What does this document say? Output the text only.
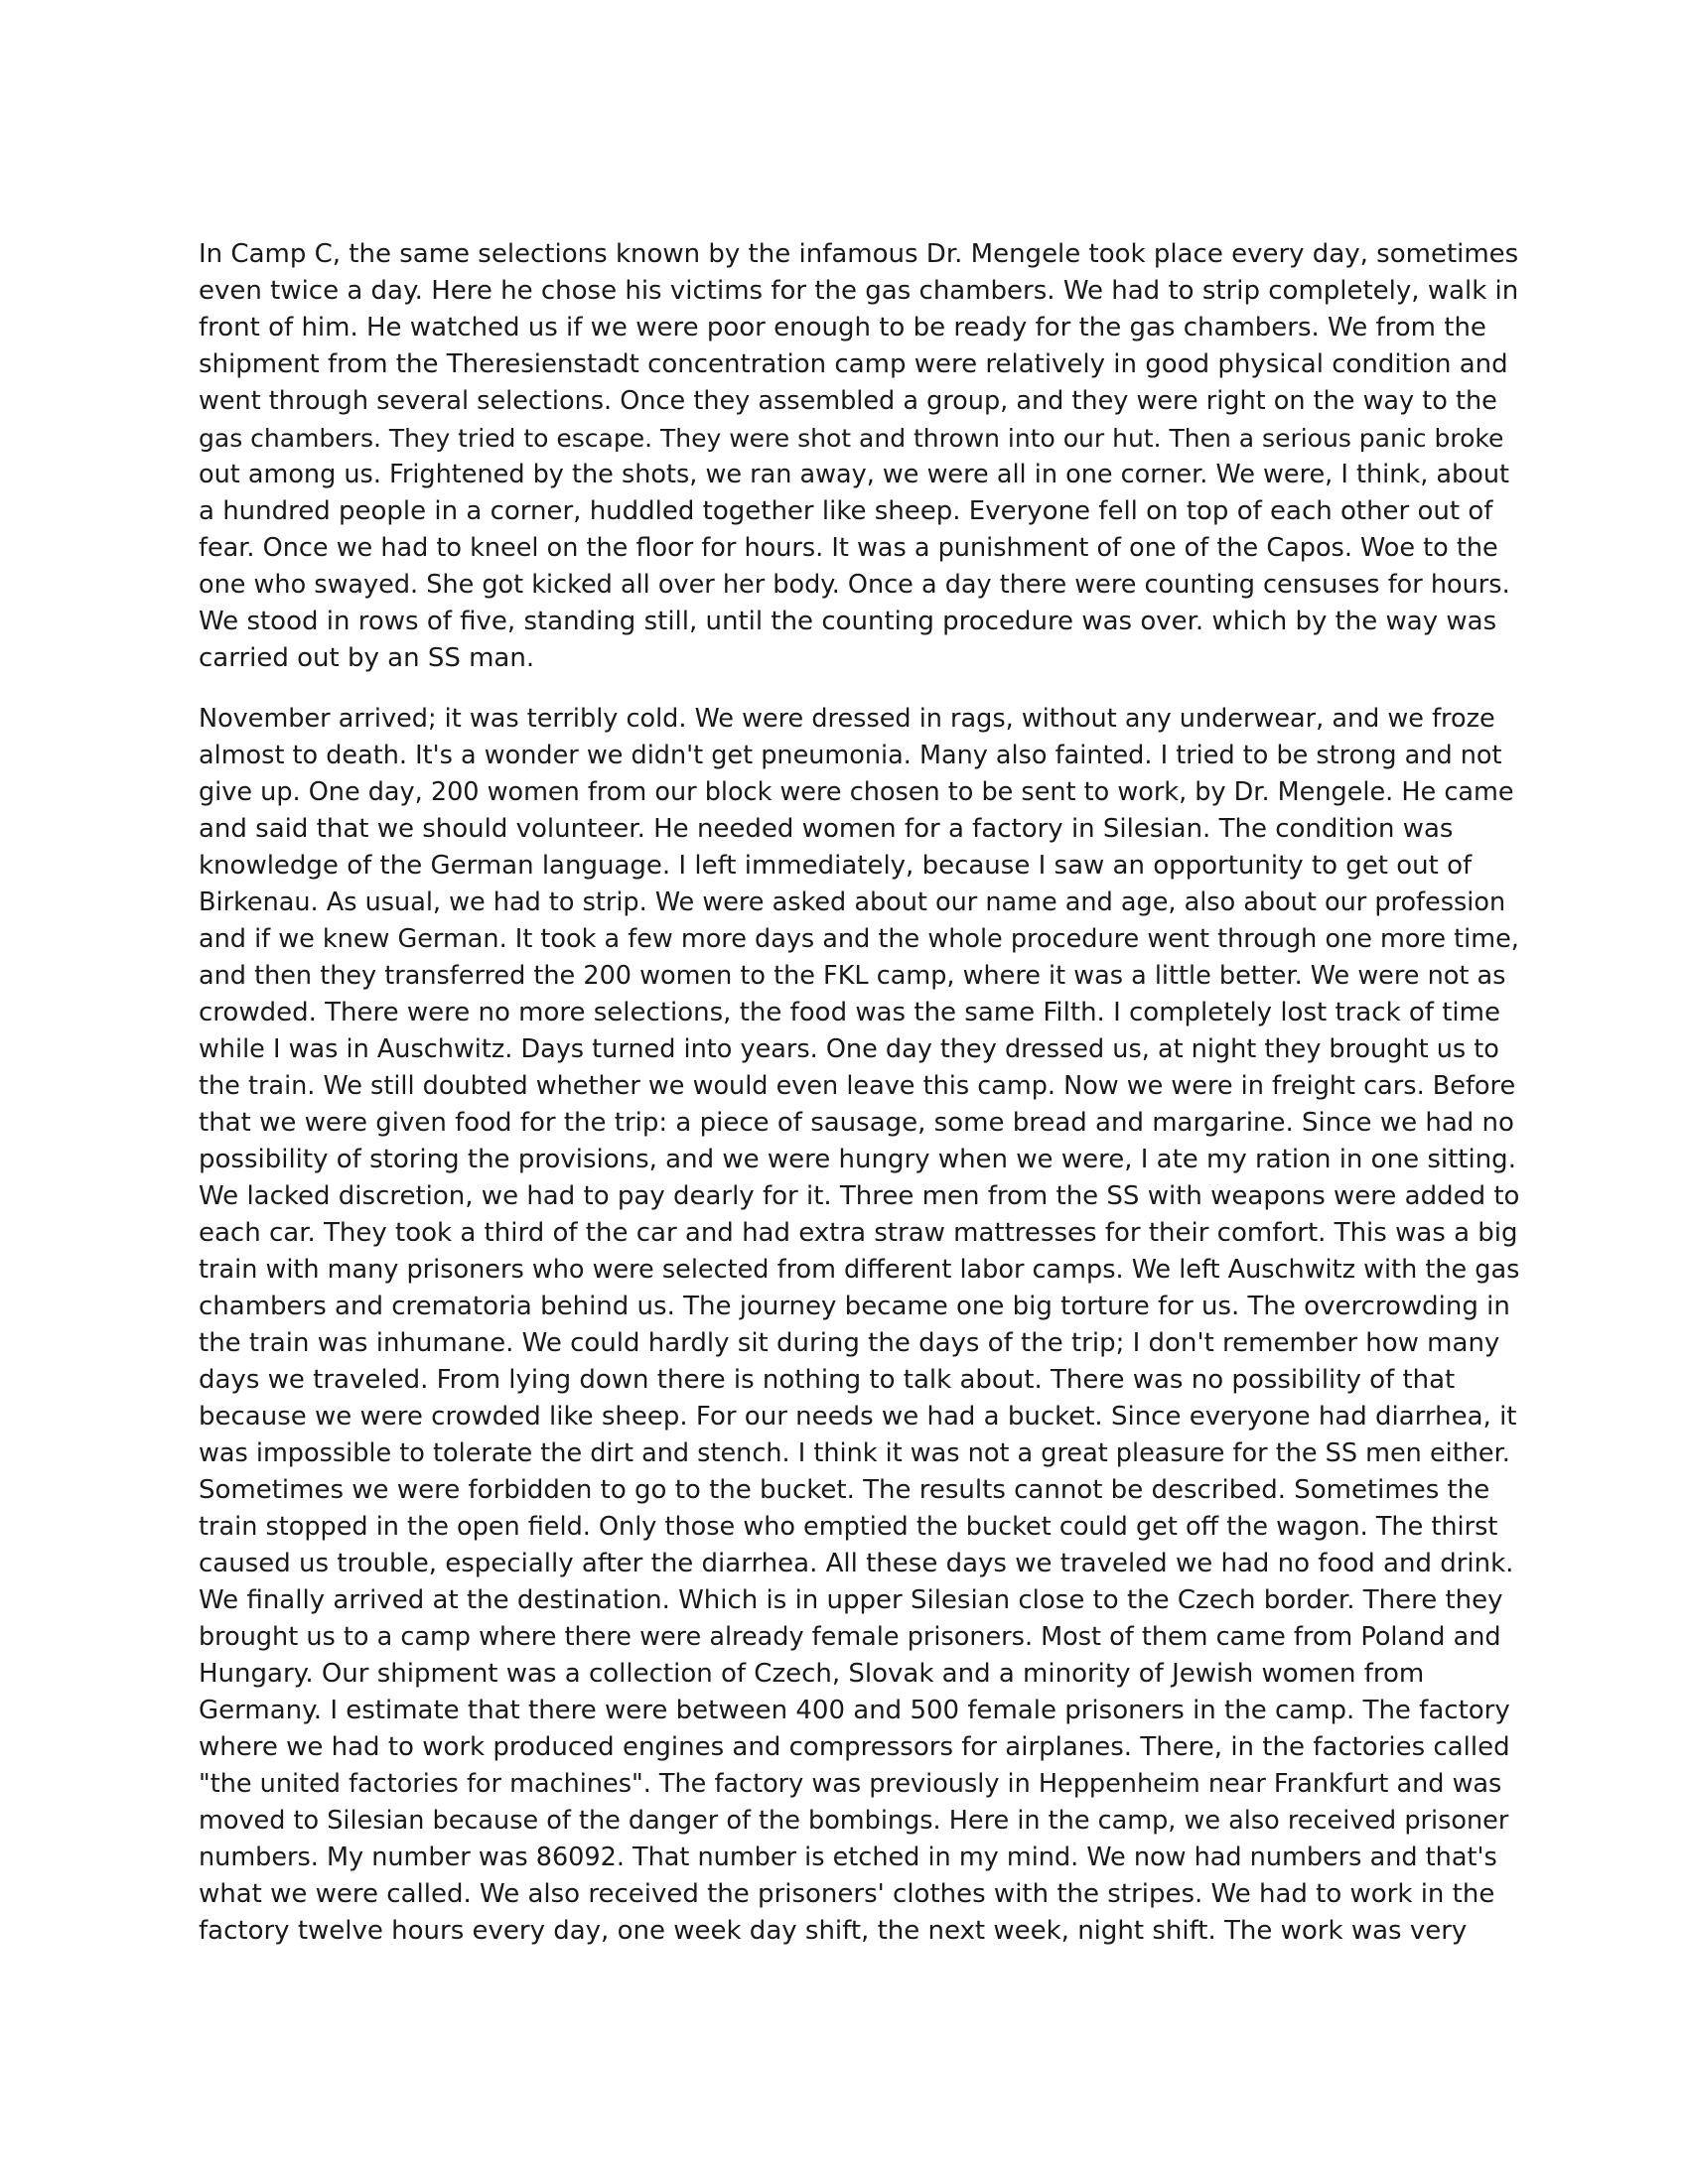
In Camp C, the same selections known by the infamous Dr. Mengele took place every day, sometimes
even twice a day. Here he chose his victims for the gas chambers. We had to strip completely, walk in
front of him. He watched us if we were poor enough to be ready for the gas chambers. We from the
shipment from the Theresienstadt concentration camp were relatively in good physical condition and
went through several selections. Once they assembled a group, and they were right on the way to the
gas chambers. They tried to escape. They were shot and thrown into our hut. Then a serious panic broke
out among us. Frightened by the shots, we ran away, we were all in one corner. We were, I think, about
a hundred people in a corner, huddled together like sheep. Everyone fell on top of each other out of
fear. Once we had to kneel on the floor for hours. It was a punishment of one of the Capos. Woe to the
one who swayed. She got kicked all over her body. Once a day there were counting censuses for hours.
We stood in rows of five, standing still, until the counting procedure was over. which by the way was
carried out by an SS man.
November arrived; it was terribly cold. We were dressed in rags, without any underwear, and we froze
almost to death. It's a wonder we didn't get pneumonia. Many also fainted. I tried to be strong and not
give up. One day, 200 women from our block were chosen to be sent to work, by Dr. Mengele. He came
and said that we should volunteer. He needed women for a factory in Silesian. The condition was
knowledge of the German language. I left immediately, because I saw an opportunity to get out of
Birkenau. As usual, we had to strip. We were asked about our name and age, also about our profession
and if we knew German. It took a few more days and the whole procedure went through one more time,
and then they transferred the 200 women to the FKL camp, where it was a little better. We were not as
crowded. There were no more selections, the food was the same Filth. I completely lost track of time
while I was in Auschwitz. Days turned into years. One day they dressed us, at night they brought us to
the train. We still doubted whether we would even leave this camp. Now we were in freight cars. Before
that we were given food for the trip: a piece of sausage, some bread and margarine. Since we had no
possibility of storing the provisions, and we were hungry when we were, I ate my ration in one sitting.
We lacked discretion, we had to pay dearly for it. Three men from the SS with weapons were added to
each car. They took a third of the car and had extra straw mattresses for their comfort. This was a big
train with many prisoners who were selected from different labor camps. We left Auschwitz with the gas
chambers and crematoria behind us. The journey became one big torture for us. The overcrowding in
the train was inhumane. We could hardly sit during the days of the trip; I don't remember how many
days we traveled. From lying down there is nothing to talk about. There was no possibility of that
because we were crowded like sheep. For our needs we had a bucket. Since everyone had diarrhea, it
was impossible to tolerate the dirt and stench. I think it was not a great pleasure for the SS men either.
Sometimes we were forbidden to go to the bucket. The results cannot be described. Sometimes the
train stopped in the open field. Only those who emptied the bucket could get off the wagon. The thirst
caused us trouble, especially after the diarrhea. All these days we traveled we had no food and drink.
We finally arrived at the destination. Which is in upper Silesian close to the Czech border. There they
brought us to a camp where there were already female prisoners. Most of them came from Poland and
Hungary. Our shipment was a collection of Czech, Slovak and a minority of Jewish women from
Germany. I estimate that there were between 400 and 500 female prisoners in the camp. The factory
where we had to work produced engines and compressors for airplanes. There, in the factories called
"the united factories for machines". The factory was previously in Heppenheim near Frankfurt and was
moved to Silesian because of the danger of the bombings. Here in the camp, we also received prisoner
numbers. My number was 86092. That number is etched in my mind. We now had numbers and that's
what we were called. We also received the prisoners' clothes with the stripes. We had to work in the
factory twelve hours every day, one week day shift, the next week, night shift. The work was very
